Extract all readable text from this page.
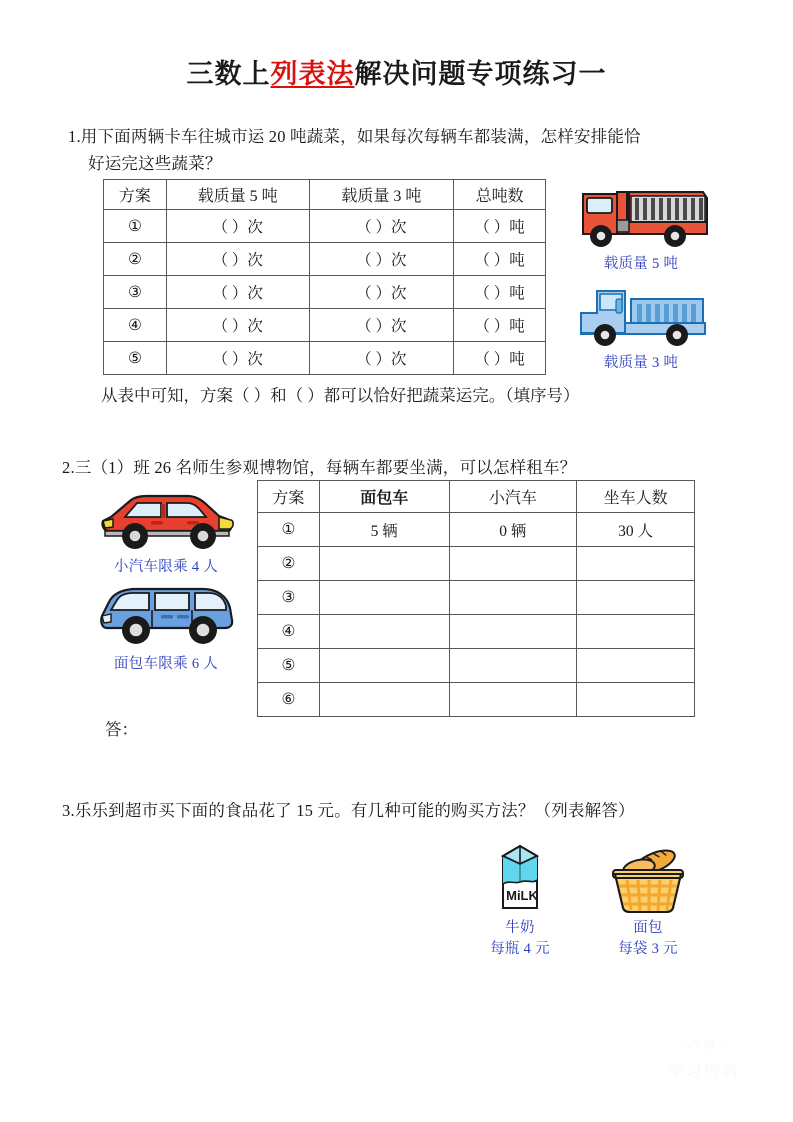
三数上列表法解决问题专项练习一
1.用下面两辆卡车往城市运 20 吨蔬菜，如果每次每辆车都装满，怎样安排能恰
好运完这些蔬菜？
方案	载质量 5 吨	载质量 3 吨	总吨数
①	（ ）次	（ ）次	（ ）吨
②	（ ）次	（ ）次	（ ）吨
③	（ ）次	（ ）次	（ ）吨
④	（ ）次	（ ）次	（ ）吨
⑤	（ ）次	（ ）次	（ ）吨
载质量 5 吨
载质量 3 吨
从表中可知，方案（ ）和（ ）都可以恰好把蔬菜运完。（填序号）
2.三（1）班 26 名师生参观博物馆，每辆车都要坐满，可以怎样租车？
小汽车限乘 4 人
面包车限乘 6 人
方案	面包车	小汽车	坐车人数
①	5 辆	0 辆	30 人
②			
③			
④			
⑤			
⑥			
答：
3.乐乐到超市买下面的食品花了 15 元。有几种可能的购买方法？（列表解答）
MiLK
牛奶
每瓶 4 元
面包
每袋 3 元
小学练习
学习资料
